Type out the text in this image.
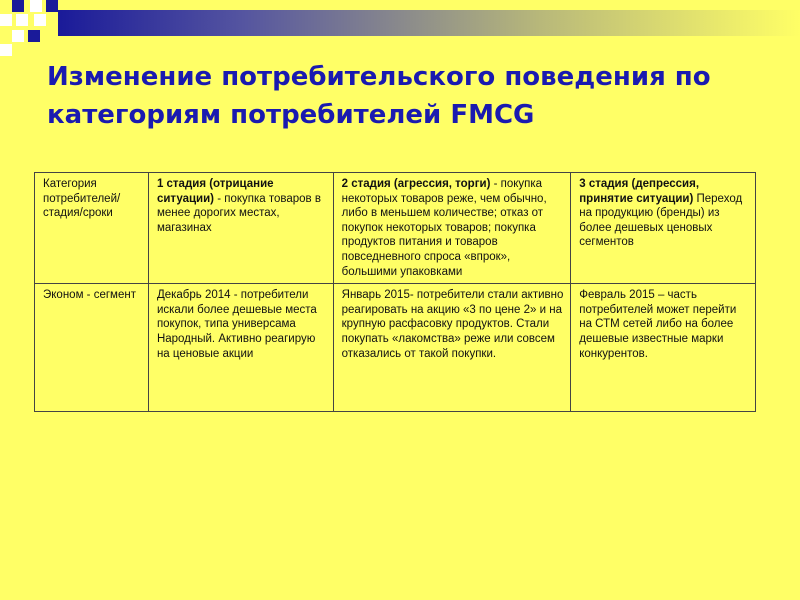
Изменение потребительского поведения по категориям потребителей FMCG
Категория потребителей/ стадия/сроки	1 стадия (отрицание ситуации) - покупка товаров в менее дорогих местах, магазинах	2 стадия (агрессия, торги) - покупка некоторых товаров реже, чем обычно, либо в меньшем количестве; отказ от покупок некоторых товаров; покупка продуктов питания и товаров повседневного спроса «впрок», большими упаковками	3 стадия (депрессия, принятие ситуации) Переход на продукцию (бренды) из более дешевых ценовых сегментов
Эконом - сегмент	Декабрь 2014 - потребители искали более дешевые места покупок, типа универсама Народный. Активно реагирую на ценовые акции	Январь 2015- потребители стали активно реагировать на акцию «3 по цене 2» и на крупную расфасовку продуктов. Стали покупать «лакомства» реже или совсем отказались от такой покупки.	Февраль 2015 – часть потребителей может перейти на СТМ сетей либо на более дешевые известные марки конкурентов.
